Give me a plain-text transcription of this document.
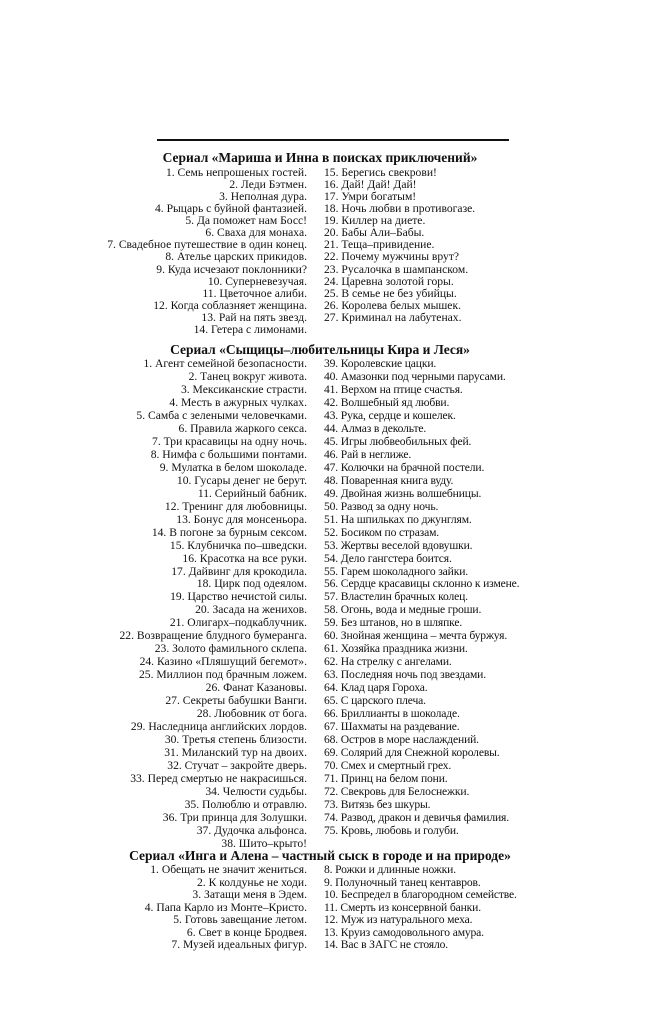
Сериал «Мариша и Инна в поисках приключений»
1. Семь непрошеных гостей.
2. Леди Бэтмен.
3. Неполная дура.
4. Рыцарь с буйной фантазией.
5. Да поможет нам Босс!
6. Сваха для монаха.
7. Свадебное путешествие в один конец.
8. Ателье царских прикидов.
9. Куда исчезают поклонники?
10. Суперневезучая.
11. Цветочное алиби.
12. Когда соблазняет женщина.
13. Рай на пять звезд.
14. Гетера с лимонами.
15. Берегись свекрови!
16. Дай! Дай! Дай!
17. Умри богатым!
18. Ночь любви в противогазе.
19. Киллер на диете.
20. Бабы Али–Бабы.
21. Теща–привидение.
22. Почему мужчины врут?
23. Русалочка в шампанском.
24. Царевна золотой горы.
25. В семье не без убийцы.
26. Королева белых мышек.
27. Криминал на лабутенах.
Сериал «Сыщицы–любительницы Кира и Леся»
1. Агент семейной безопасности.
2. Танец вокруг живота.
3. Мексиканские страсти.
4. Месть в ажурных чулках.
5. Самба с зелеными человечками.
6. Правила жаркого секса.
7. Три красавицы на одну ночь.
8. Нимфа с большими понтами.
9. Мулатка в белом шоколаде.
10. Гусары денег не берут.
11. Серийный бабник.
12. Тренинг для любовницы.
13. Бонус для монсеньора.
14. В погоне за бурным сексом.
15. Клубничка по–шведски.
16. Красотка на все руки.
17. Дайвинг для крокодила.
18. Цирк под одеялом.
19. Царство нечистой силы.
20. Засада на женихов.
21. Олигарх–подкаблучник.
22. Возвращение блудного бумеранга.
23. Золото фамильного склепа.
24. Казино «Пляшущий бегемот».
25. Миллион под брачным ложем.
26. Фанат Казановы.
27. Секреты бабушки Ванги.
28. Любовник от бога.
29. Наследница английских лордов.
30. Третья степень близости.
31. Миланский тур на двоих.
32. Стучат – закройте дверь.
33. Перед смертью не накрасишься.
34. Челюсти судьбы.
35. Полюблю и отравлю.
36. Три принца для Золушки.
37. Дудочка альфонса.
38. Шито–крыто!
39. Королевские цацки.
40. Амазонки под черными парусами.
41. Верхом на птице счастья.
42. Волшебный яд любви.
43. Рука, сердце и кошелек.
44. Алмаз в декольте.
45. Игры любвеобильных фей.
46. Рай в неглиже.
47. Колючки на брачной постели.
48. Поваренная книга вуду.
49. Двойная жизнь волшебницы.
50. Развод за одну ночь.
51. На шпильках по джунглям.
52. Босиком по стразам.
53. Жертвы веселой вдовушки.
54. Дело гангстера боится.
55. Гарем шоколадного зайки.
56. Сердце красавицы склонно к измене.
57. Властелин брачных колец.
58. Огонь, вода и медные гроши.
59. Без штанов, но в шляпке.
60. Знойная женщина – мечта буржуя.
61. Хозяйка праздника жизни.
62. На стрелку с ангелами.
63. Последняя ночь под звездами.
64. Клад царя Гороха.
65. С царского плеча.
66. Бриллианты в шоколаде.
67. Шахматы на раздевание.
68. Остров в море наслаждений.
69. Солярий для Снежной королевы.
70. Смех и смертный грех.
71. Принц на белом пони.
72. Свекровь для Белоснежки.
73. Витязь без шкуры.
74. Развод, дракон и девичья фамилия.
75. Кровь, любовь и голуби.
Сериал «Инга и Алена – частный сыск в городе и на природе»
1. Обещать не значит жениться.
2. К колдунье не ходи.
3. Затащи меня в Эдем.
4. Папа Карло из Монте–Кристо.
5. Готовь завещание летом.
6. Свет в конце Бродвея.
7. Музей идеальных фигур.
8. Рожки и длинные ножки.
9. Полуночный танец кентавров.
10. Беспредел в благородном семействе.
11. Смерть из консервной банки.
12. Муж из натурального меха.
13. Круиз самодовольного амура.
14. Вас в ЗАГС не стояло.
